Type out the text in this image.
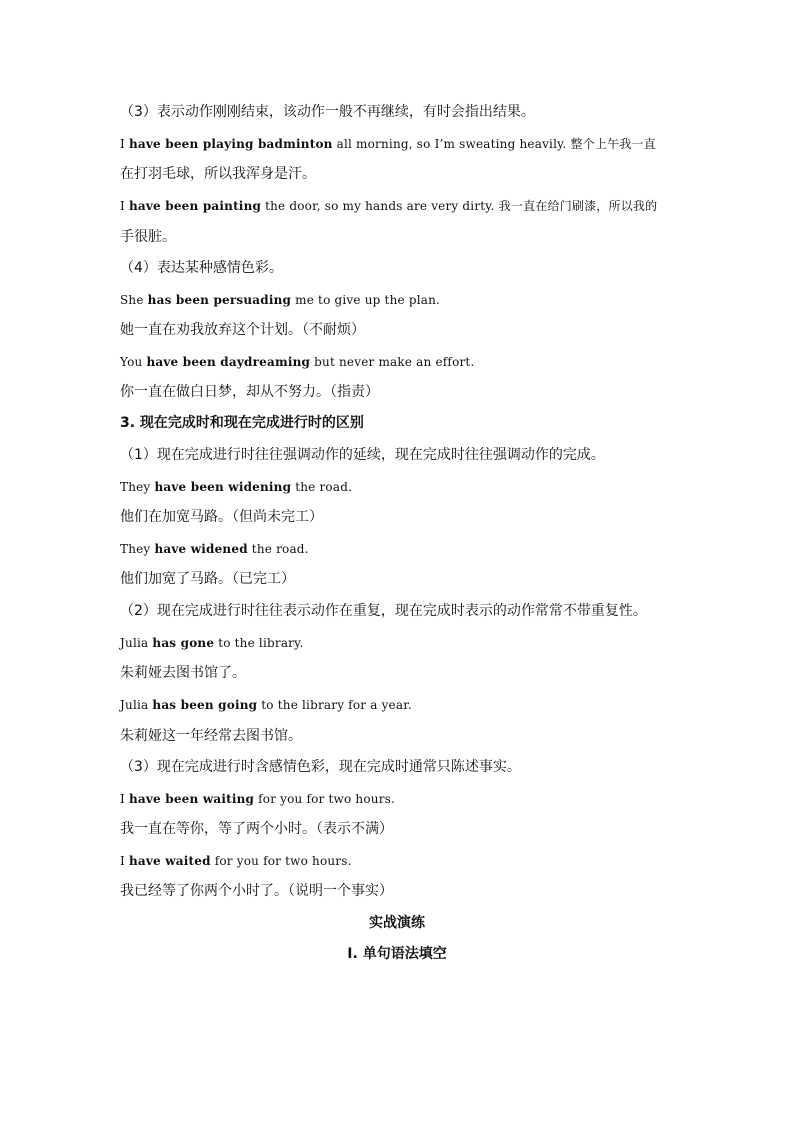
（3）表示动作刚刚结束，该动作一般不再继续，有时会指出结果。
I have been playing badminton all morning, so I’m sweating heavily. 整个上午我一直
在打羽毛球，所以我浑身是汗。
I have been painting the door, so my hands are very dirty. 我一直在给门刷漆，所以我的
手很脏。
（4）表达某种感情色彩。
She has been persuading me to give up the plan.
她一直在劝我放弃这个计划。（不耐烦）
You have been daydreaming but never make an effort.
你一直在做白日梦，却从不努力。（指责）
3. 现在完成时和现在完成进行时的区别
（1）现在完成进行时往往强调动作的延续，现在完成时往往强调动作的完成。
They have been widening the road.
他们在加宽马路。（但尚未完工）
They have widened the road.
他们加宽了马路。（已完工）
（2）现在完成进行时往往表示动作在重复，现在完成时表示的动作常常不带重复性。
Julia has gone to the library.
朱莉娅去图书馆了。
Julia has been going to the library for a year.
朱莉娅这一年经常去图书馆。
（3）现在完成进行时含感情色彩，现在完成时通常只陈述事实。
I have been waiting for you for two hours.
我一直在等你，等了两个小时。（表示不满）
I have waited for you for two hours.
我已经等了你两个小时了。（说明一个事实）
实战演练
Ⅰ. 单句语法填空
